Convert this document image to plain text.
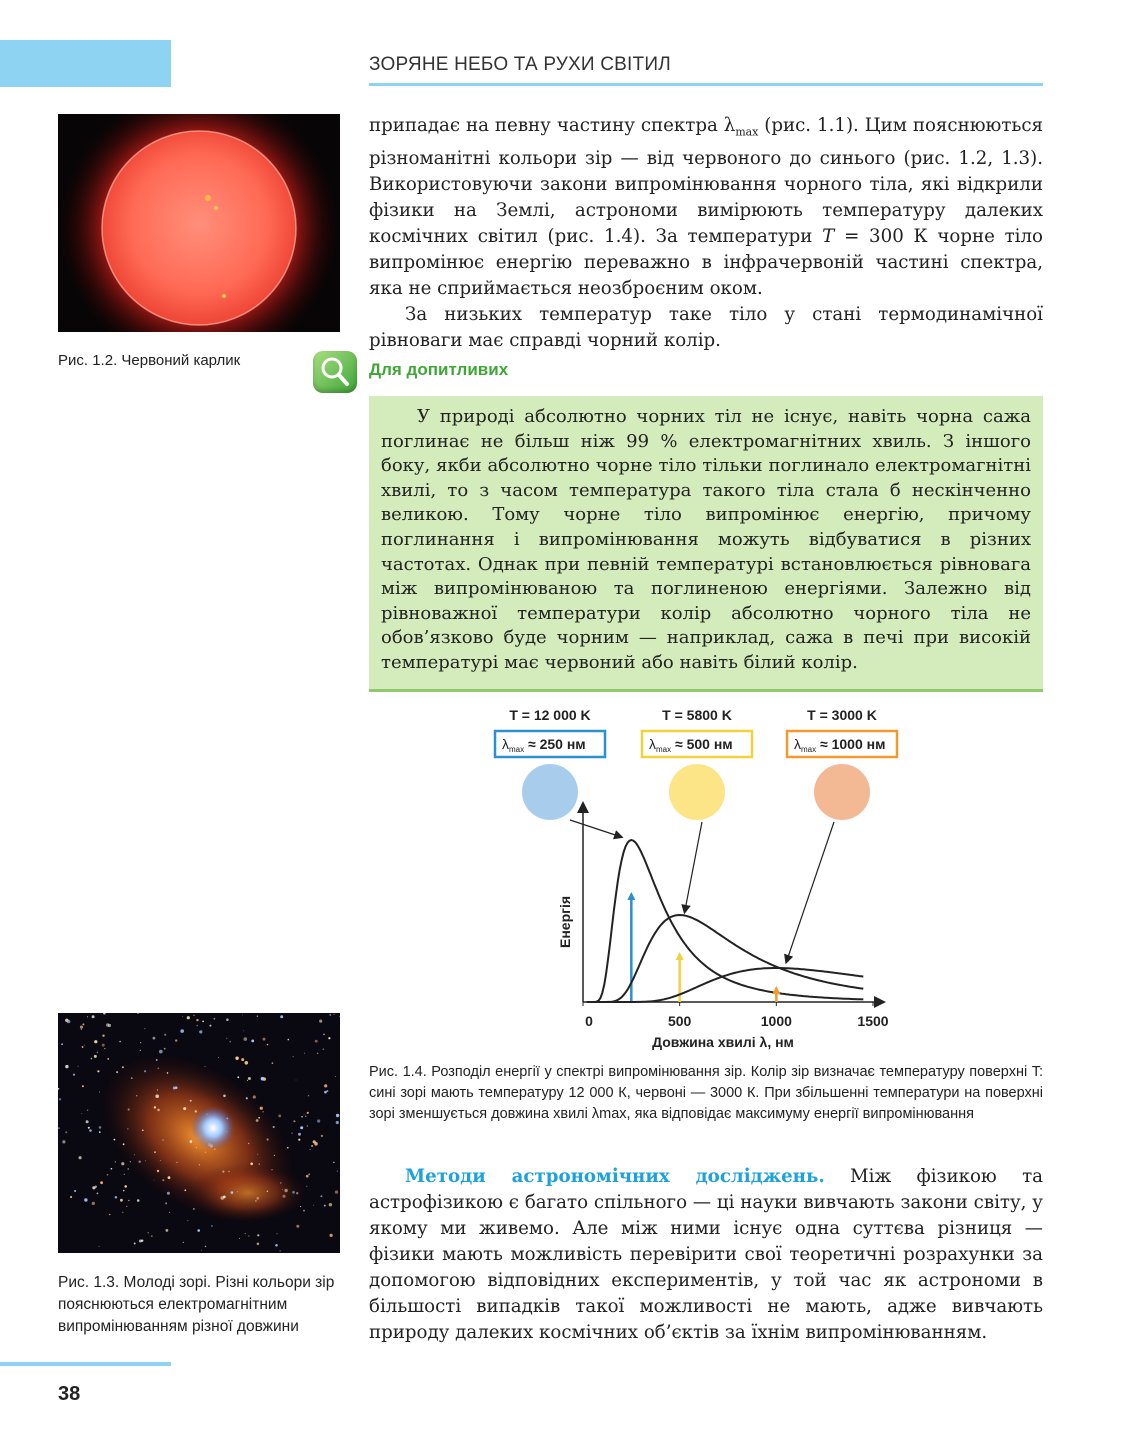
ЗОРЯНЕ НЕБО ТА РУХИ СВІТИЛ

припадає на певну частину спектра $\lambda_{max}$ (рис. 1.1). Цим пояснюються різноманітні кольори зір — від червоного до синього (рис. 1.2, 1.3). Використовуючи закони випромінювання чорного тіла, які відкрили фізики на Землі, астрономи вимірюють температуру далеких космічних світил (рис. 1.4). За температури T = 300 К чорне тіло випромінює енергію переважно в інфрачервоній частині спектра, яка не сприймається неозброєним оком.

За низьких температур таке тіло у стані термодинамічної рівноваги має справді чорний колір.

Рис. 1.2. Червоний карлик	Для допитливих
У природі абсолютно чорних тіл не існує, навіть чорна сажа поглинає не більш ніж 99 % електромагнітних хвиль. З іншого боку, якби абсолютно чорне тіло тільки поглинало електромагнітні хвилі, то з часом температура такого тіла стала б нескінченно великою. Тому чорне тіло випромінює енергію, причому поглинання і випромінювання можуть відбуватися в різних частотах. Однак при певній температурі встановлюється рівновага між випромінюваною та поглиненою енергіями. Залежно від рівноважної температури колір абсолютно чорного тіла не обов’язково буде чорним — наприклад, сажа в печі при високій температурі має червоний або навіть білий колір.
T = 12 000 K
$\lambda_{max} \approx 250$ нм
T = 5800 K
$\lambda_{max} \approx 500$ нм
T = 3000 K
$\lambda_{max} \approx 1000$ нм
0	500	1000	1500
Довжина хвилі λ, нм
Енергія
Рис. 1.4. Розподіл енергії у спектрі випромінювання зір. Колір зір визначає температуру поверхні T: сині зорі мають температуру 12 000 К, червоні — 3000 К. При збільшенні температури на поверхні зорі зменшується довжина хвилі λmax, яка відповідає максимуму енергії випромінювання
Рис. 1.3. Молоді зорі. Різні кольори зір пояснюються електромагнітним випромінюванням різної довжини
Методи астрономічних досліджень. Між фізикою та астрофізикою є багато спільного — ці науки вивчають закони світу, у якому ми живемо. Але між ними існує одна суттєва різниця — фізики мають можливість перевірити свої теоретичні розрахунки за допомогою відповідних експериментів, у той час як астрономи в більшості випадків такої можливості не мають, адже вивчають природу далеких космічних об’єктів за їхнім випромінюванням.
38
